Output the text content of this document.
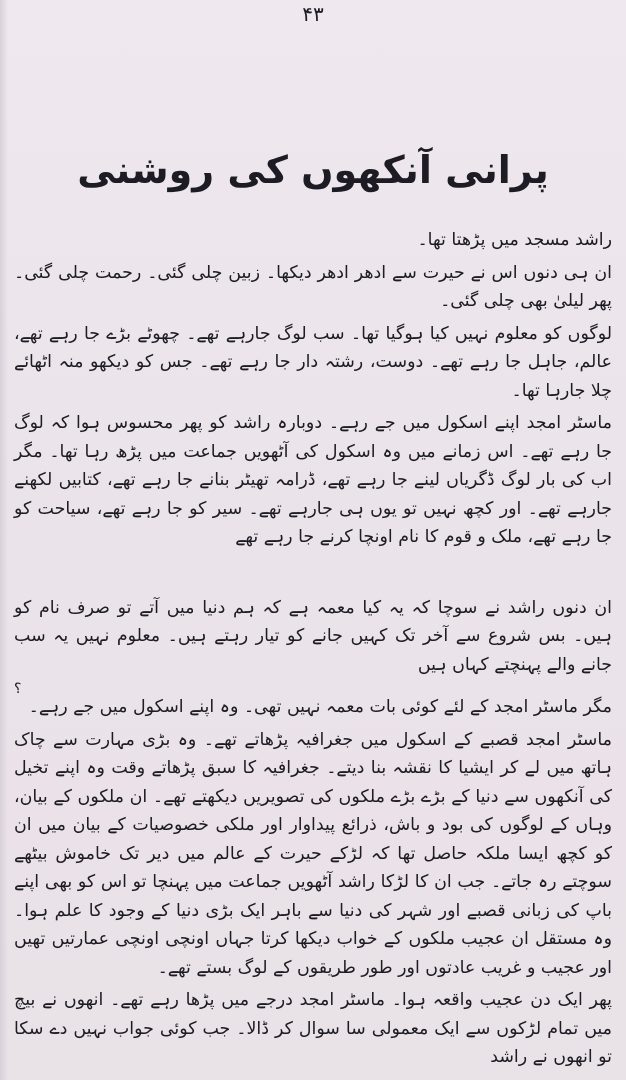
۴۳
پرانی آنکھوں کی روشنی

راشد مسجد میں پڑھتا تھا۔

ان ہی دنوں اس نے حیرت سے ادھر ادھر دیکھا۔ زبین چلی گئی۔ رحمت چلی گئی۔ پھر لیلیٰ بھی چلی گئی۔

لوگوں کو معلوم نہیں کیا ہوگیا تھا۔ سب لوگ جارہے تھے۔ چھوٹے بڑے جا رہے تھے، عالم، جاہل جا رہے تھے۔ دوست، رشتہ دار جا رہے تھے۔ جس کو دیکھو منہ اٹھائے چلا جارہا تھا۔

ماسٹر امجد اپنے اسکول میں جے رہے۔ دوبارہ راشد کو پھر محسوس ہوا کہ لوگ جا رہے تھے۔ اس زمانے میں وہ اسکول کی آٹھویں جماعت میں پڑھ رہا تھا۔ مگر اب کی بار لوگ ڈگریاں لینے جا رہے تھے، ڈرامہ تھیٹر بنانے جا رہے تھے، کتابیں لکھنے جارہے تھے۔ اور کچھ نہیں تو یوں ہی جارہے تھے۔ سیر کو جا رہے تھے، سیاحت کو جا رہے تھے، ملک و قوم کا نام اونچا کرنے جا رہے تھے

ان دنوں راشد نے سوچا کہ یہ کیا معمہ ہے کہ ہم دنیا میں آتے تو صرف نام کو ہیں۔ بس شروع سے آخر تک کہیں جانے کو تیار رہتے ہیں۔ معلوم نہیں یہ سب جانے والے پہنچتے کہاں ہیں

؟

مگر ماسٹر امجد کے لئے کوئی بات معمہ نہیں تھی۔ وہ اپنے اسکول میں جے رہے۔

ماسٹر امجد قصبے کے اسکول میں جغرافیہ پڑھاتے تھے۔ وہ بڑی مہارت سے چاک ہاتھ میں لے کر ایشیا کا نقشہ بنا دیتے۔ جغرافیہ کا سبق پڑھاتے وقت وہ اپنے تخیل کی آنکھوں سے دنیا کے بڑے بڑے ملکوں کی تصویریں دیکھتے تھے۔ ان ملکوں کے بیان، وہاں کے لوگوں کی بود و باش، ذرائع پیداوار اور ملکی خصوصیات کے بیان میں ان کو کچھ ایسا ملکہ حاصل تھا کہ لڑکے حیرت کے عالم میں دیر تک خاموش بیٹھے سوچتے رہ جاتے۔ جب ان کا لڑکا راشد آٹھویں جماعت میں پہنچا تو اس کو بھی اپنے باپ کی زبانی قصبے اور شہر کی دنیا سے باہر ایک بڑی دنیا کے وجود کا علم ہوا۔ وہ مستقل ان عجیب ملکوں کے خواب دیکھا کرتا جہاں اونچی اونچی عمارتیں تھیں اور عجیب و غریب عادتوں اور طور طریقوں کے لوگ بستے تھے۔

پھر ایک دن عجیب واقعہ ہوا۔ ماسٹر امجد درجے میں پڑھا رہے تھے۔ انھوں نے بیچ میں تمام لڑکوں سے ایک معمولی سا سوال کر ڈالا۔ جب کوئی جواب نہیں دے سکا تو انھوں نے راشد
